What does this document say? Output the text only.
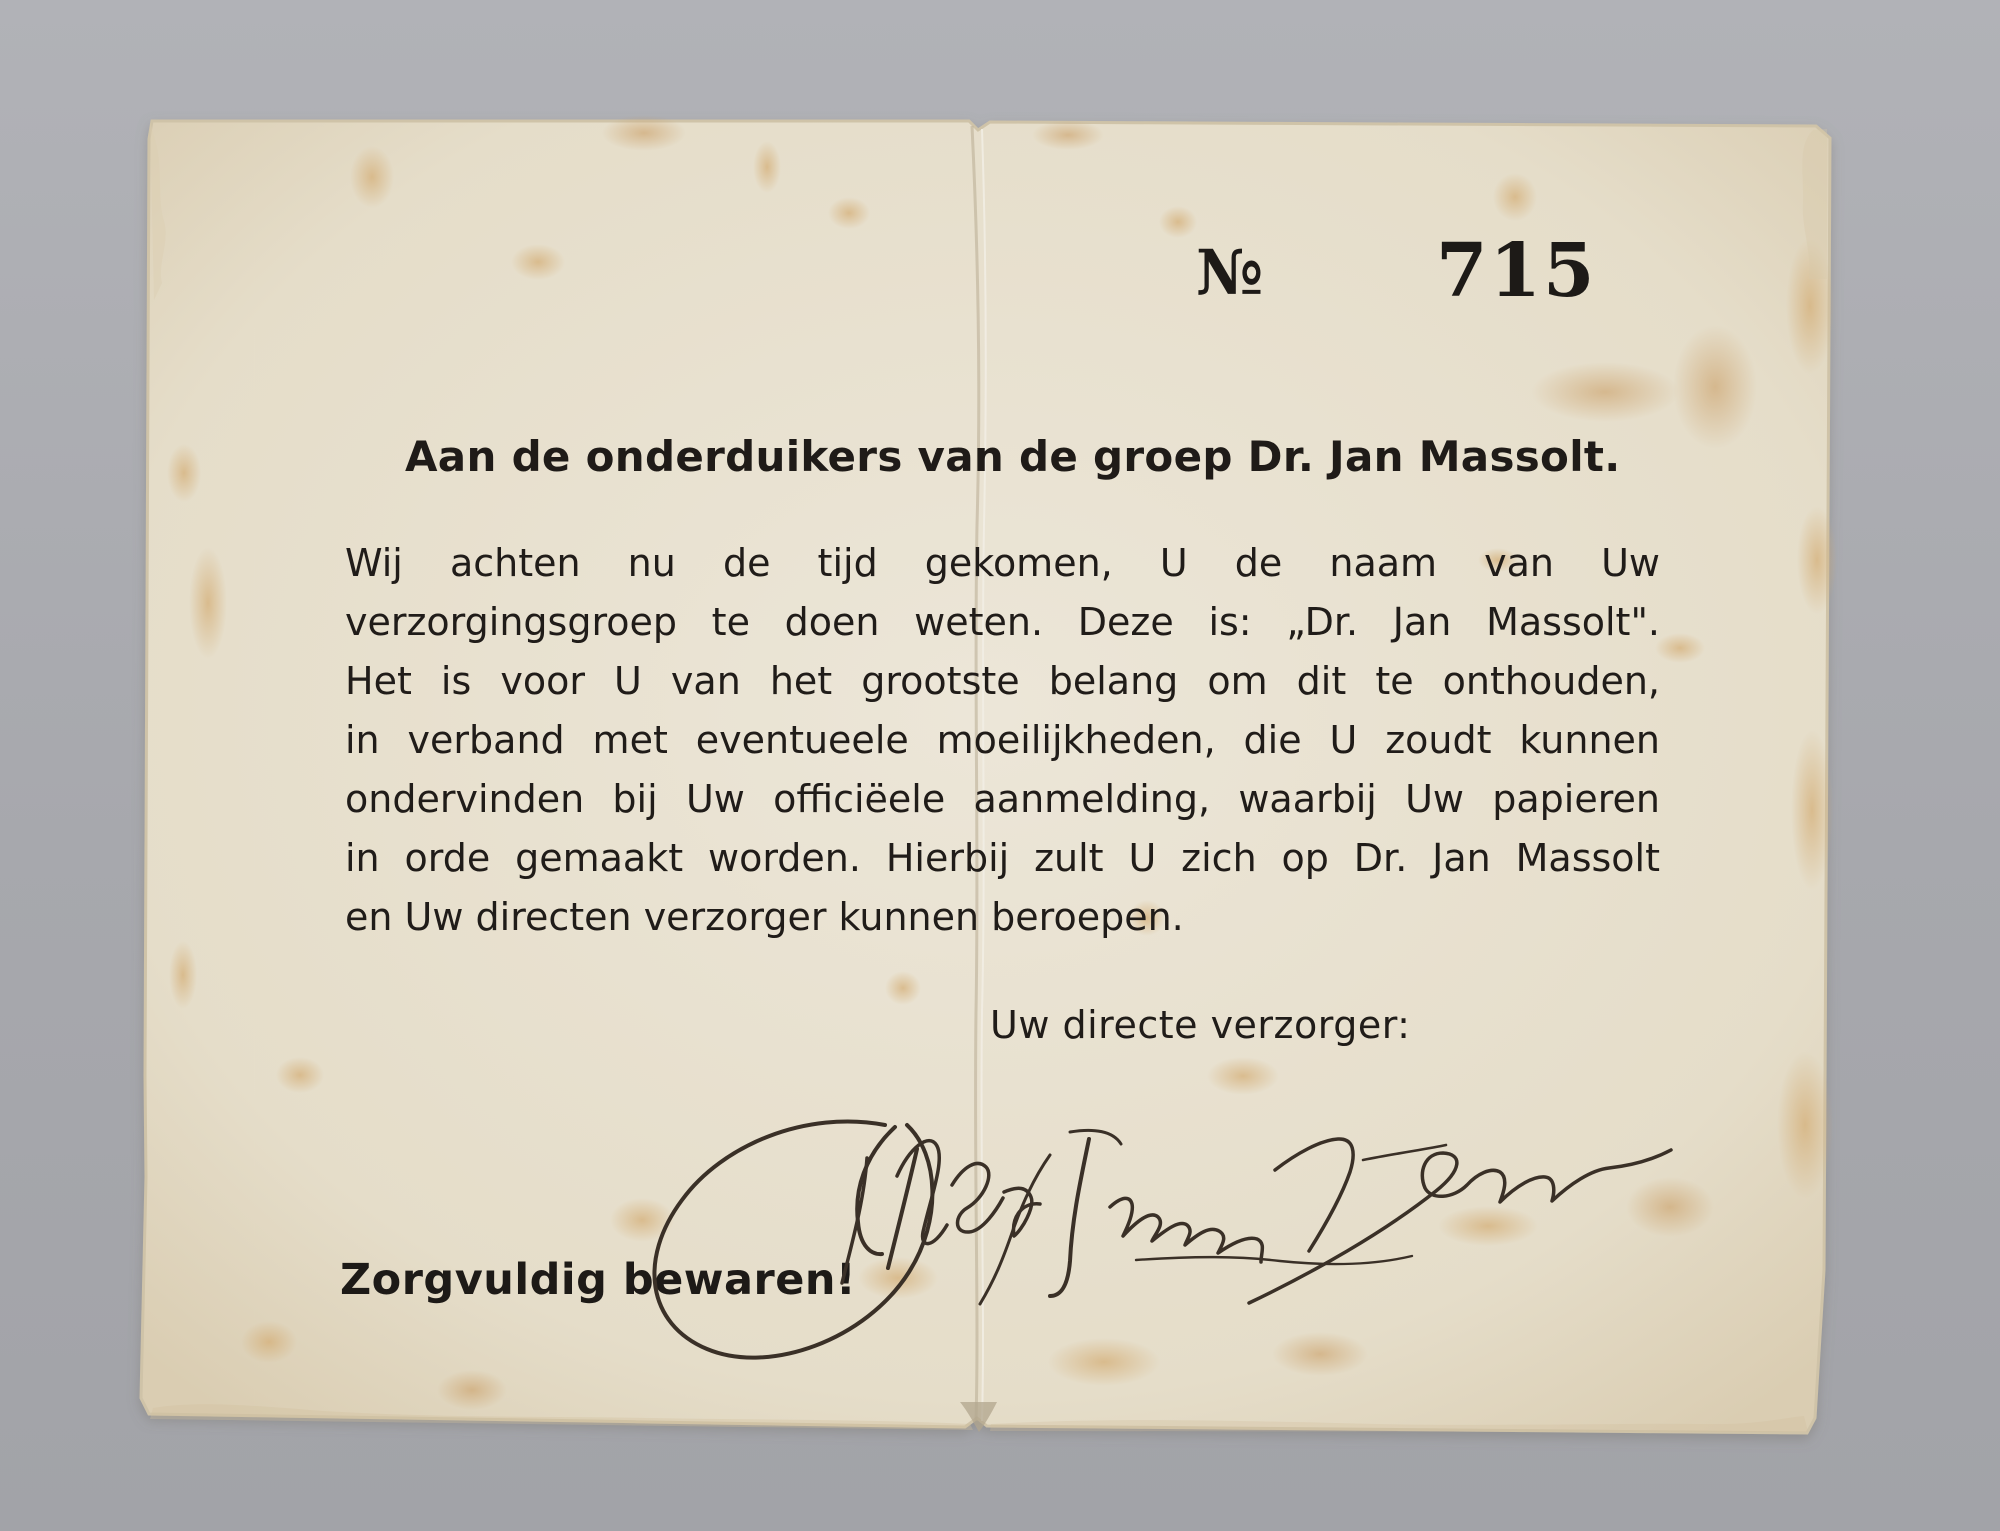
№ 715
Aan de onderduikers van de groep Dr. Jan Massolt.
Wij achten nu de tijd gekomen, U de naam van Uw
verzorgingsgroep te doen weten. Deze is: „Dr. Jan Massolt".
Het is voor U van het grootste belang om dit te onthouden,
in verband met eventueele moeilijkheden, die U zoudt kunnen
ondervinden bij Uw officiëele aanmelding, waarbij Uw papieren
in orde gemaakt worden. Hierbij zult U zich op Dr. Jan Massolt
en Uw directen verzorger kunnen beroepen.
Uw directe verzorger:
Zorgvuldig bewaren!
